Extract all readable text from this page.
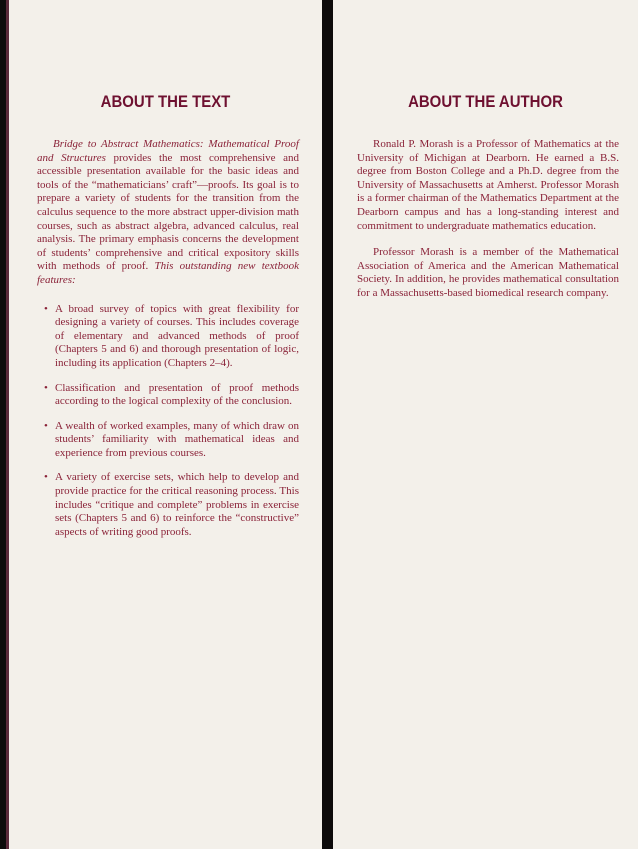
ABOUT THE TEXT

Bridge to Abstract Mathematics: Mathematical Proof and Structures provides the most comprehensive and accessible presentation available for the basic ideas and tools of the “mathematicians’ craft”—proofs. Its goal is to prepare a variety of students for the transition from the calculus sequence to the more abstract upper-division math courses, such as abstract algebra, advanced calculus, real analysis. The primary emphasis concerns the development of students’ comprehensive and critical expository skills with methods of proof. This outstanding new textbook features:

• A broad survey of topics with great flexibility for designing a variety of courses. This includes coverage of elementary and advanced methods of proof (Chapters 5 and 6) and thorough presentation of logic, including its application (Chapters 2–4).
• Classification and presentation of proof methods according to the logical complexity of the conclusion.
• A wealth of worked examples, many of which draw on students’ familiarity with mathematical ideas and experience from previous courses.
• A variety of exercise sets, which help to develop and provide practice for the critical reasoning process. This includes “critique and complete” problems in exercise sets (Chapters 5 and 6) to reinforce the “constructive” aspects of writing good proofs.
ABOUT THE AUTHOR

Ronald P. Morash is a Professor of Mathematics at the University of Michigan at Dearborn. He earned a B.S. degree from Boston College and a Ph.D. degree from the University of Massachusetts at Amherst. Professor Morash is a former chairman of the Mathematics Department at the Dearborn campus and has a long-standing interest and commitment to undergraduate mathematics education.

Professor Morash is a member of the Mathematical Association of America and the American Mathematical Society. In addition, he provides mathematical consultation for a Massachusetts-based biomedical research company.
